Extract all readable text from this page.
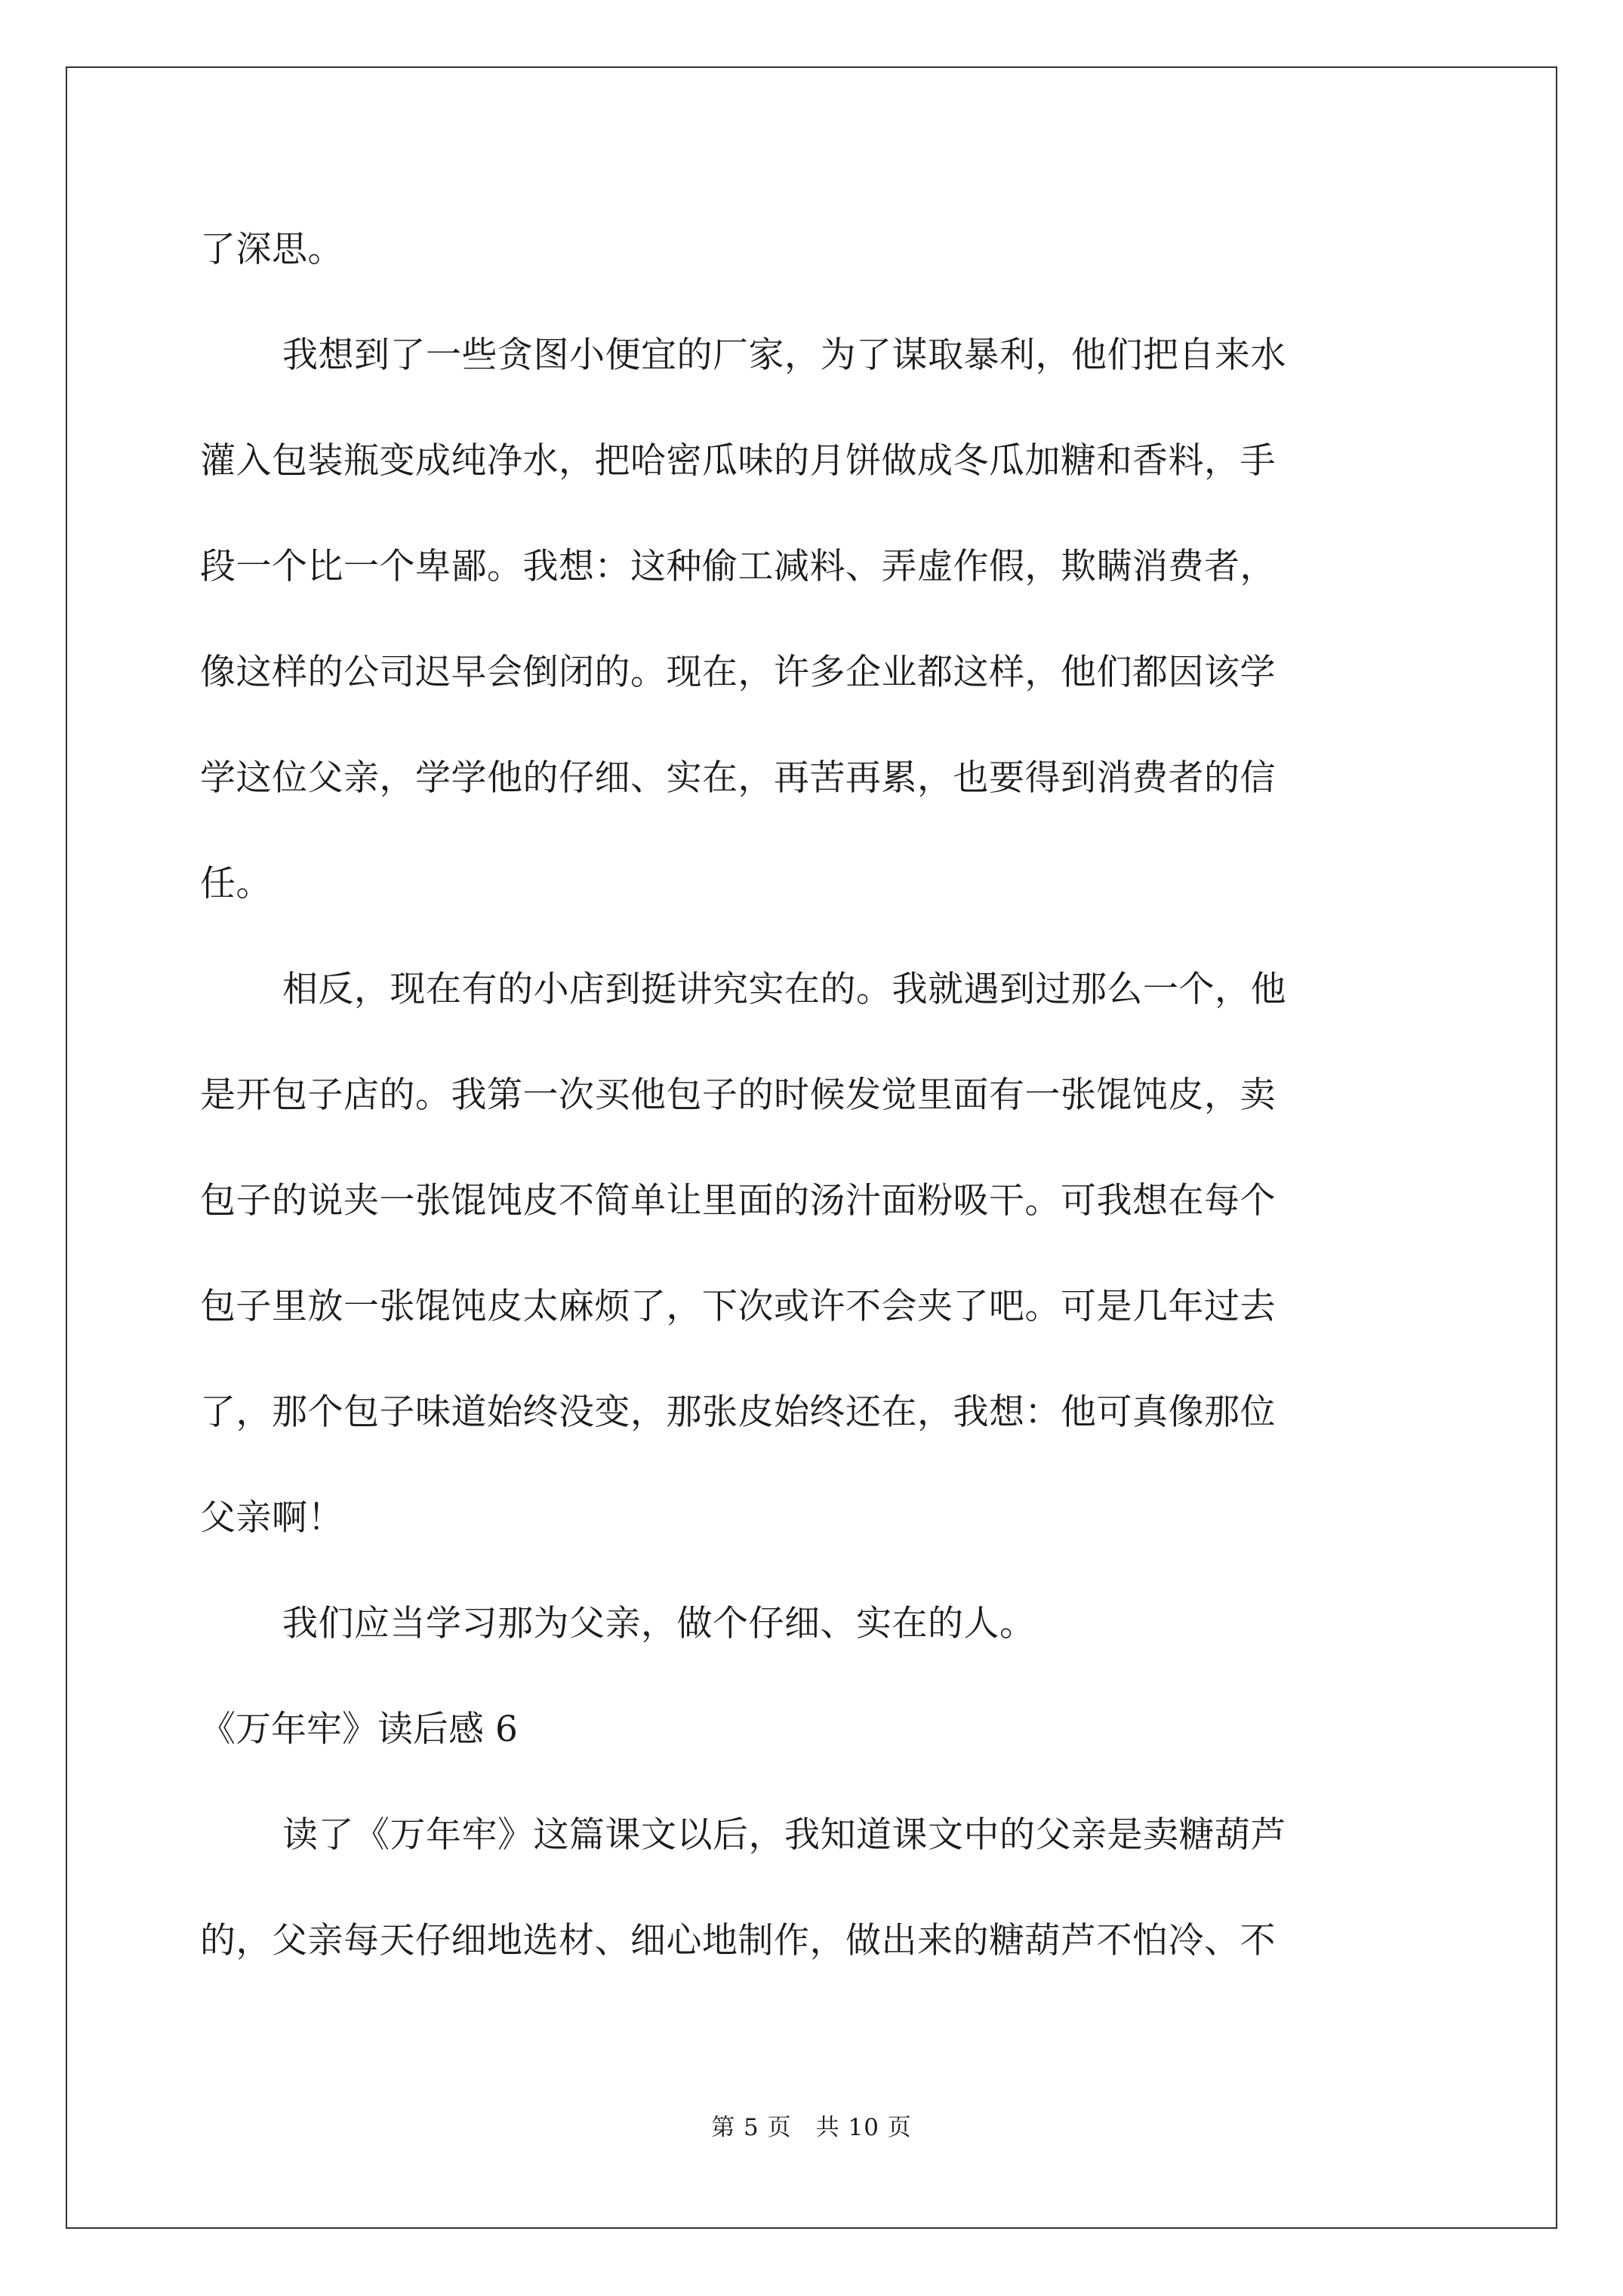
了深思。
我想到了一些贪图小便宜的厂家，为了谋取暴利，他们把自来水
灌入包装瓶变成纯净水，把哈密瓜味的月饼做成冬瓜加糖和香料，手
段一个比一个卑鄙。我想：这种偷工减料、弄虚作假，欺瞒消费者，
像这样的公司迟早会倒闭的。现在，许多企业都这样，他们都因该学
学这位父亲，学学他的仔细、实在，再苦再累，也要得到消费者的信
任。
相反，现在有的小店到挺讲究实在的。我就遇到过那么一个，他
是开包子店的。我第一次买他包子的时候发觉里面有一张馄饨皮，卖
包子的说夹一张馄饨皮不简单让里面的汤汁面粉吸干。可我想在每个
包子里放一张馄饨皮太麻烦了，下次或许不会夹了吧。可是几年过去
了，那个包子味道始终没变，那张皮始终还在，我想：他可真像那位
父亲啊！
我们应当学习那为父亲，做个仔细、实在的人。
《万年牢》读后感 6
读了《万年牢》这篇课文以后，我知道课文中的父亲是卖糖葫芦
的，父亲每天仔细地选材、细心地制作，做出来的糖葫芦不怕冷、不
第 5 页　共 10 页
